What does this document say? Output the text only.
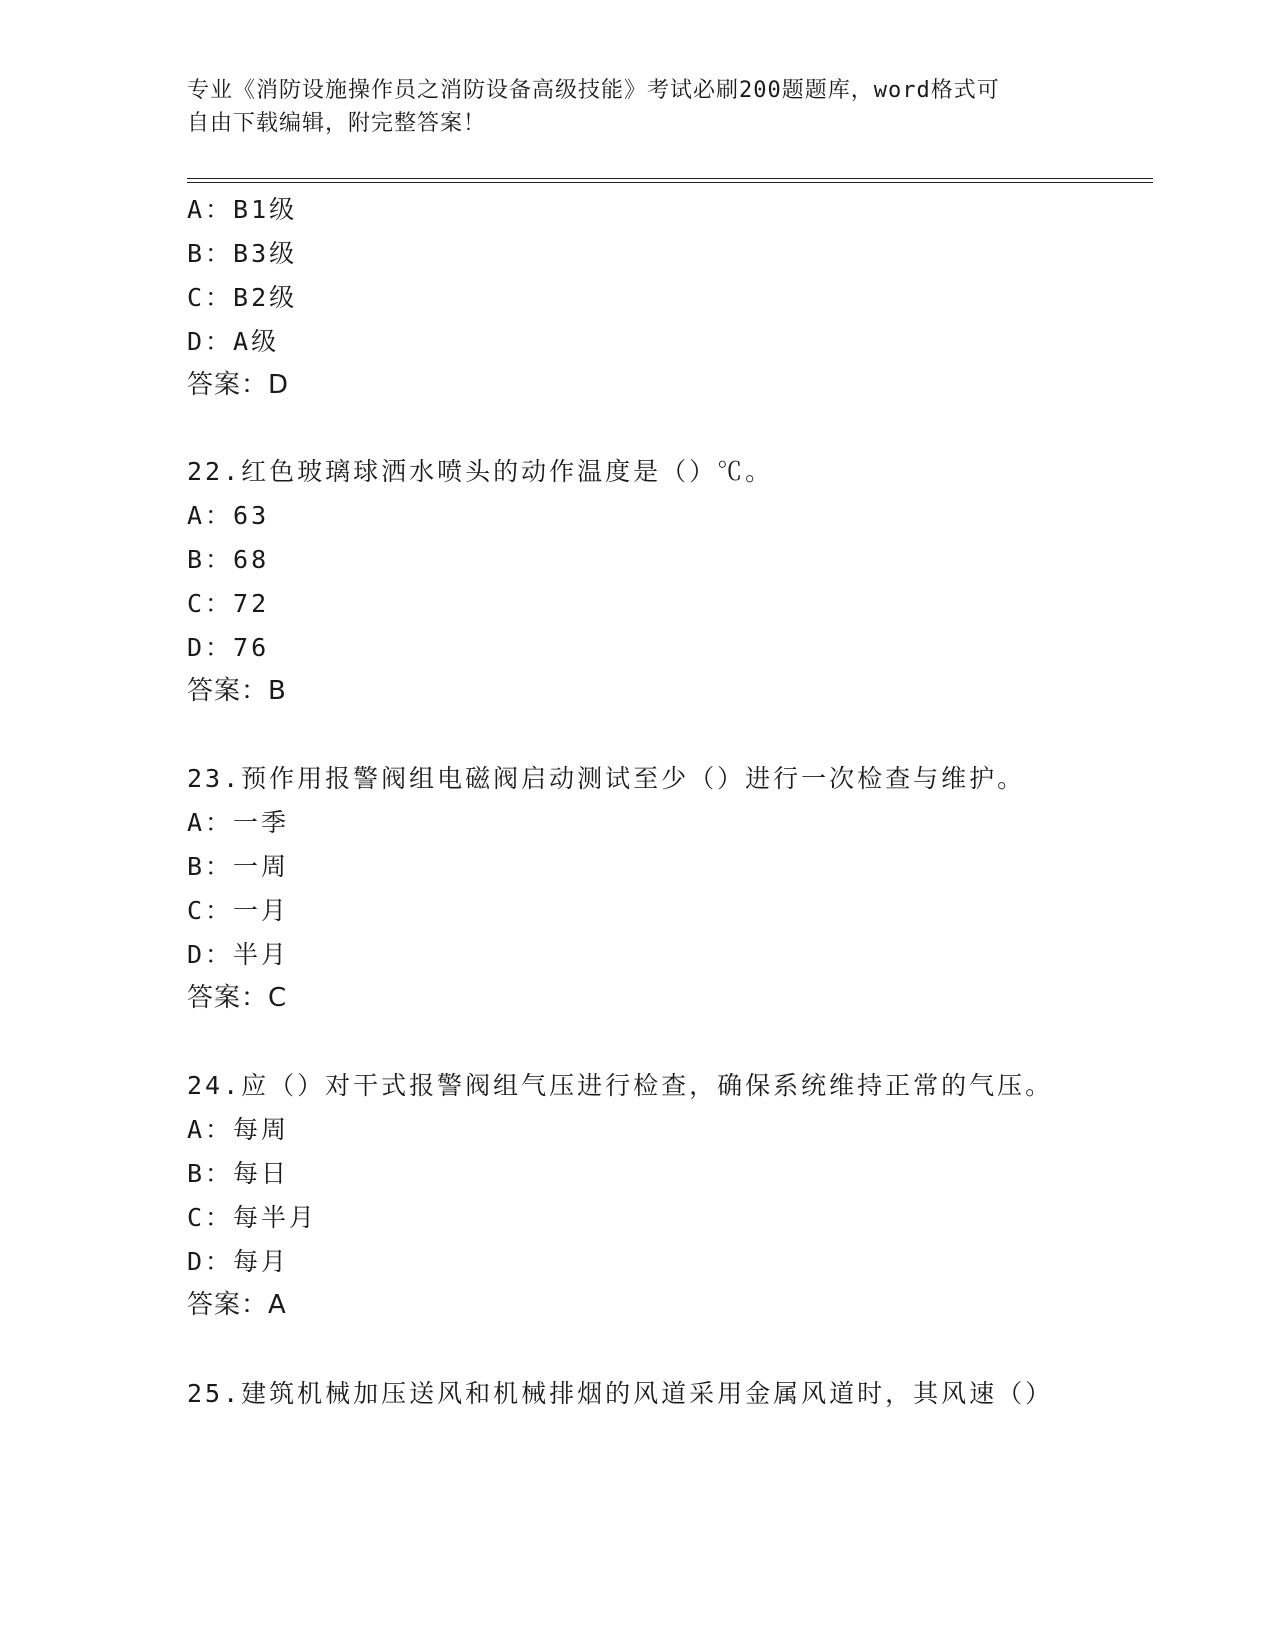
专业《消防设施操作员之消防设备高级技能》考试必刷200题题库，word格式可
自由下载编辑，附完整答案！
A：B1级
B：B3级
C：B2级
D：A级
答案：D
22.红色玻璃球洒水喷头的动作温度是（）℃。
A：63
B：68
C：72
D：76
答案：B
23.预作用报警阀组电磁阀启动测试至少（）进行一次检查与维护。
A：一季
B：一周
C：一月
D：半月
答案：C
24.应（）对干式报警阀组气压进行检查，确保系统维持正常的气压。
A：每周
B：每日
C：每半月
D：每月
答案：A
25.建筑机械加压送风和机械排烟的风道采用金属风道时，其风速（）
